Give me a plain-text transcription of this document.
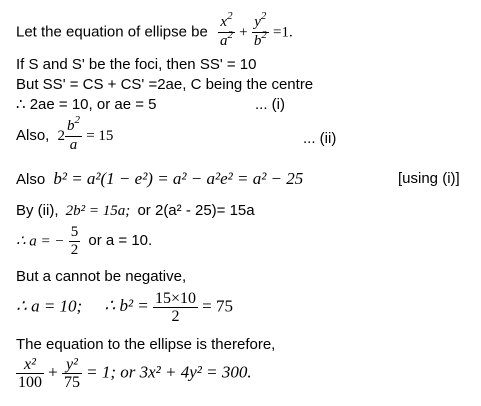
Let the equation of ellipse be $\frac{x^2}{a^2} + \frac{y^2}{b^2} =1$.
If S and S' be the foci, then SS' = 10
But SS' = CS + CS' =2ae, C being the centre
∴ 2ae = 10, or ae = 5	... (i)
Also, $2 \frac{b^2}{a} = 15$	... (ii)
Also b² = a²(1 − e²) = a² − a²e² = a² − 25	[using (i)]
By (ii), 2b² = 15a; or 2(a² - 25)= 15a
∴ a = − $\frac{5}{2}$ or a = 10.
But a cannot be negative,
∴ a = 10; ∴ $b^2 = \frac{15\times 10}{2} = 75$
The equation to the ellipse is therefore,
$\frac{\text{x²}}{100} + \frac{\text{y²}}{75} = 1$; or 3x² + 4y² = 300.
